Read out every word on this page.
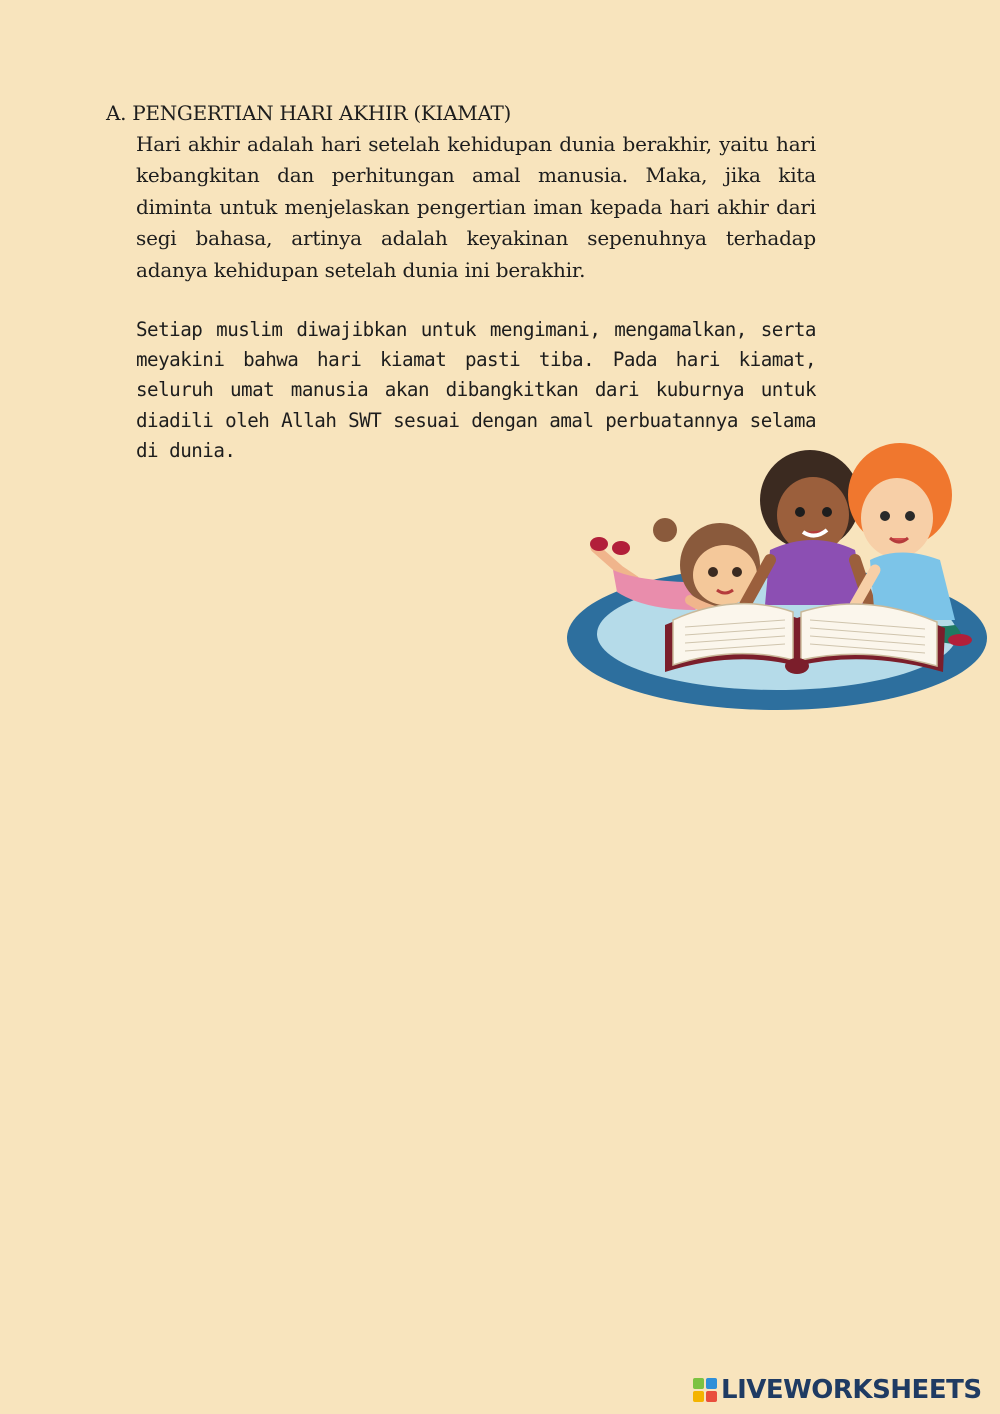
A. PENGERTIAN HARI AKHIR (KIAMAT)

Hari akhir adalah hari setelah kehidupan dunia berakhir, yaitu hari kebangkitan dan perhitungan amal manusia. Maka, jika kita diminta untuk menjelaskan pengertian iman kepada hari akhir dari segi bahasa, artinya adalah keyakinan sepenuhnya terhadap adanya kehidupan setelah dunia ini berakhir.

Setiap muslim diwajibkan untuk mengimani, mengamalkan, serta meyakini bahwa hari kiamat pasti tiba. Pada hari kiamat, seluruh umat manusia akan dibangkitkan dari kuburnya untuk diadili oleh Allah SWT sesuai dengan amal perbuatannya selama di dunia.

LIVEWORKSHEETS
